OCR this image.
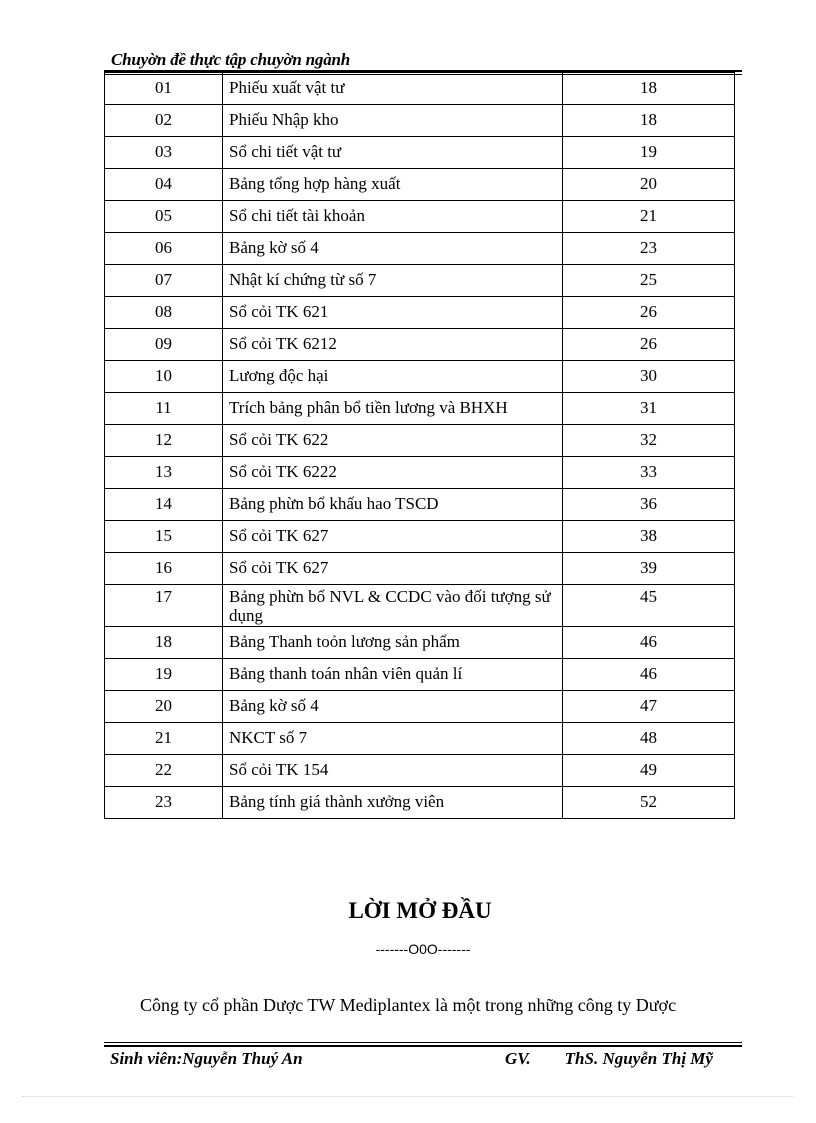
Chuyờn đề thực tập chuyờn ngành
01	Phiếu xuất vật tư	18
02	Phiếu Nhập kho	18
03	Sổ chi tiết vật tư	19
04	Bảng tổng hợp hàng xuất	20
05	Sổ chi tiết tài khoản	21
06	Bảng kờ số 4	23
07	Nhật kí chứng từ số 7	25
08	Sổ cỏi TK 621	26
09	Sổ cỏi TK 6212	26
10	Lương độc hại	30
11	Trích bảng phân bổ tiền lương và BHXH	31
12	Sổ cỏi TK 622	32
13	Sổ cỏi TK 6222	33
14	Bảng phừn bổ khấu hao TSCD	36
15	Sổ cỏi TK 627	38
16	Sổ cỏi TK 627	39
17	Bảng phừn bổ NVL & CCDC vào đối tượng sử dụng	45
18	Bảng Thanh toỏn lương sản phẩm	46
19	Bảng thanh toán nhân viên quản lí	46
20	Bảng kờ số 4	47
21	NKCT số 7	48
22	Sổ cỏi TK 154	49
23	Bảng tính giá thành xưởng viên	52
LỜI MỞ ĐẦU
-------O0O-------
Công ty cổ phần Dược TW Mediplantex là một trong những công ty Dược
Sinh viên:Nguyễn Thuý An	GV.        ThS. Nguyễn Thị Mỹ
